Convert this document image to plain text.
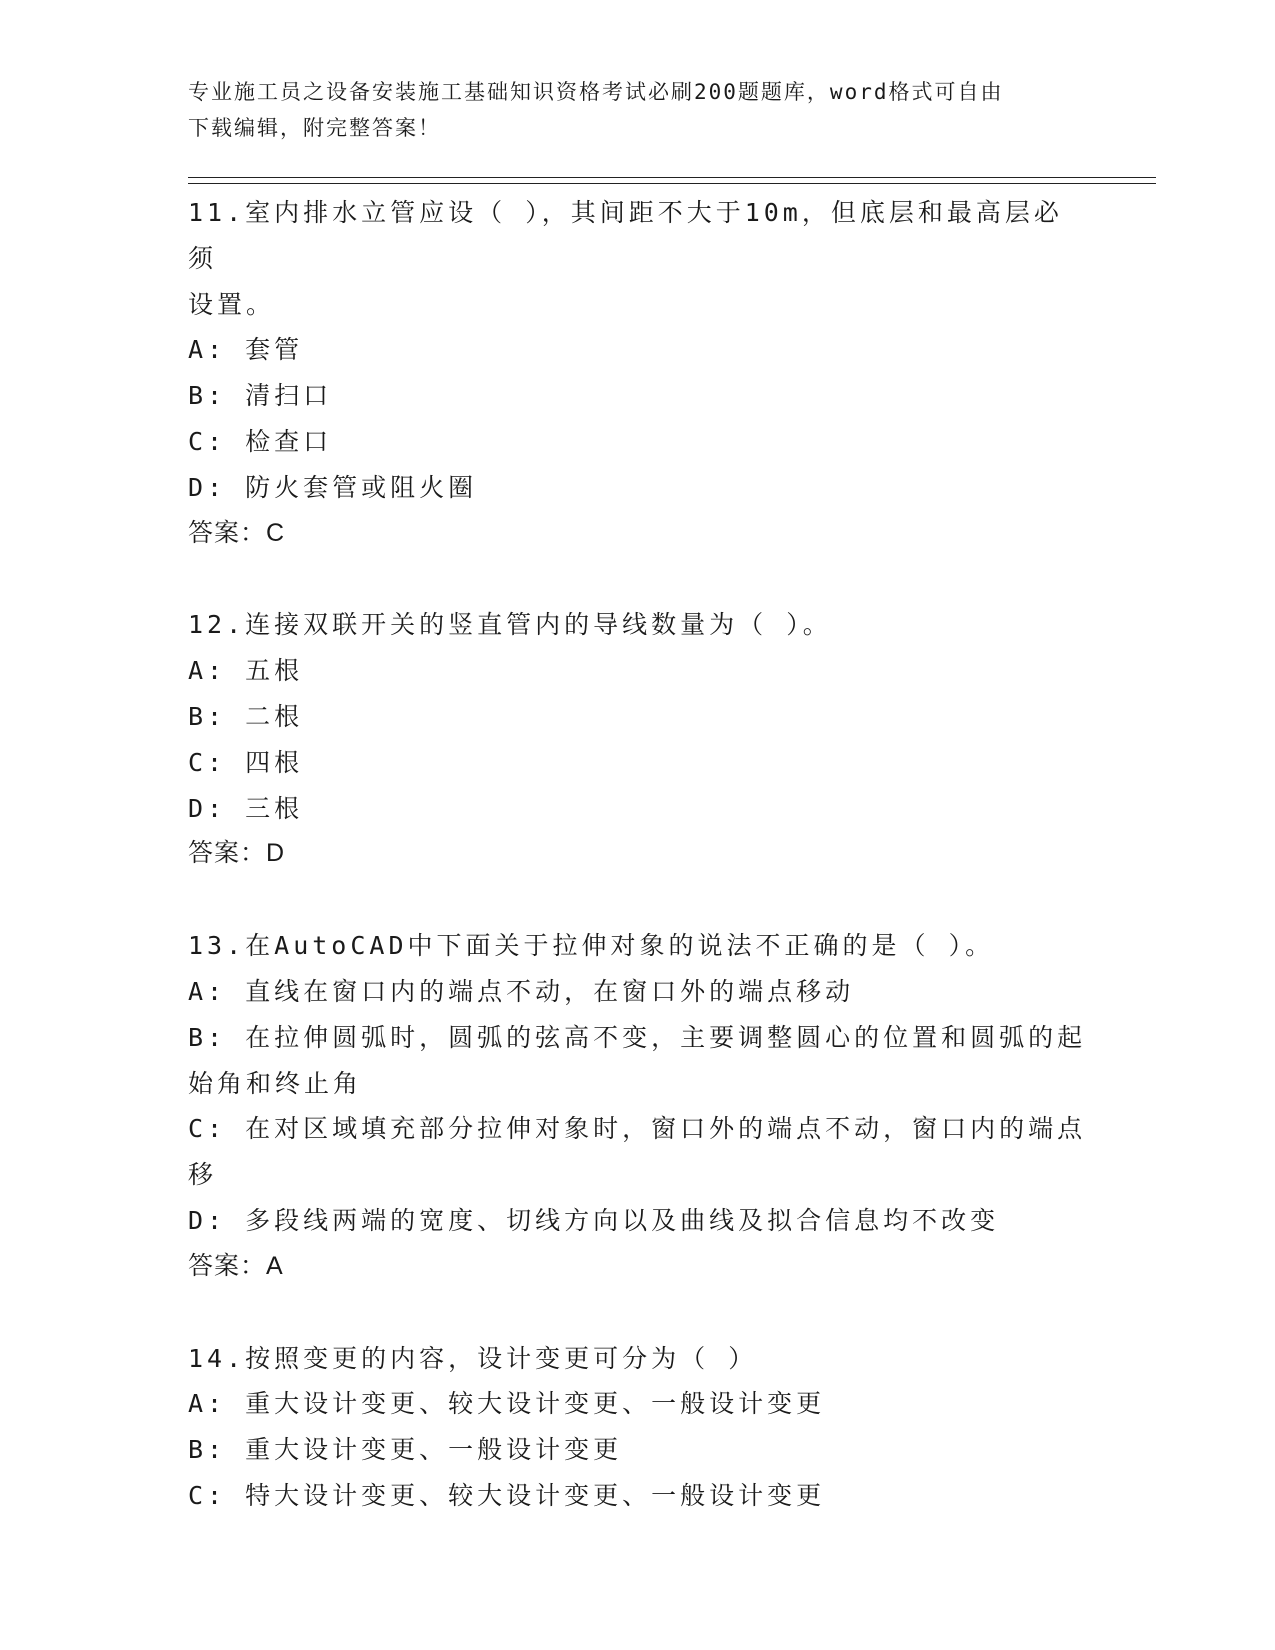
专业施工员之设备安装施工基础知识资格考试必刷200题题库，word格式可自由
下载编辑，附完整答案！
11.室内排水立管应设（ ），其间距不大于10m，但底层和最高层必须
设置。
A: 套管
B: 清扫口
C: 检查口
D: 防火套管或阻火圈
答案：C
12.连接双联开关的竖直管内的导线数量为（ ）。
A: 五根
B: 二根
C: 四根
D: 三根
答案：D
13.在AutoCAD中下面关于拉伸对象的说法不正确的是（ ）。
A: 直线在窗口内的端点不动，在窗口外的端点移动
B: 在拉伸圆弧时，圆弧的弦高不变，主要调整圆心的位置和圆弧的起
始角和终止角
C: 在对区域填充部分拉伸对象时，窗口外的端点不动，窗口内的端点
移
D: 多段线两端的宽度、切线方向以及曲线及拟合信息均不改变
答案：A
14.按照变更的内容，设计变更可分为（ ）
A: 重大设计变更、较大设计变更、一般设计变更
B: 重大设计变更、一般设计变更
C: 特大设计变更、较大设计变更、一般设计变更
